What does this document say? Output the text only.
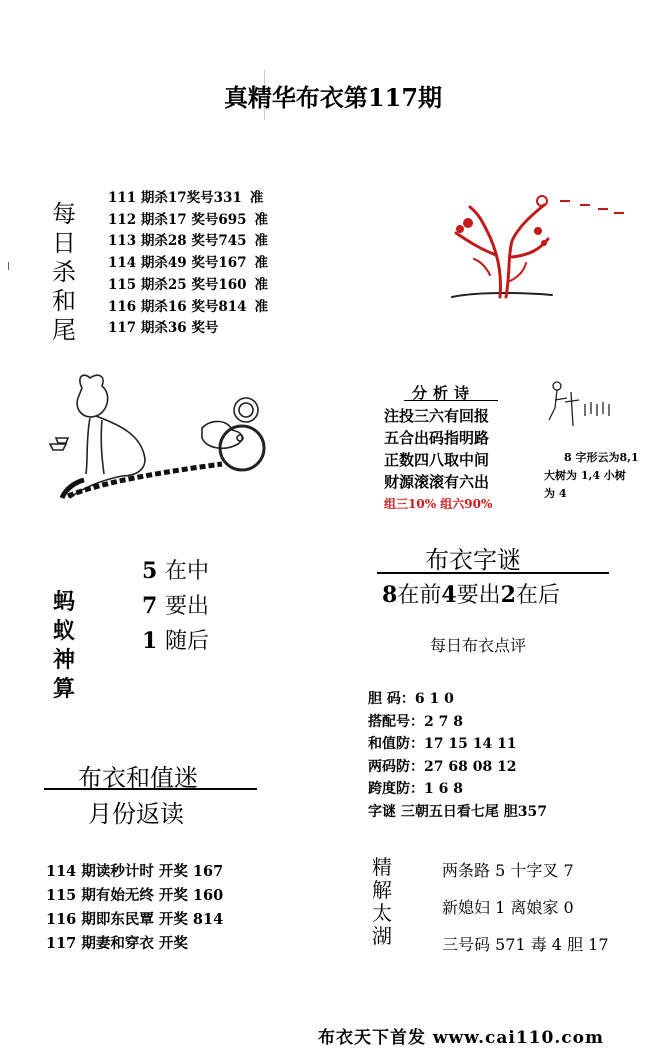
真精华布衣第117期
每
日
杀
和
尾
111 期杀17奖号331 准
112 期杀17 奖号695 准
113 期杀28 奖号745 准
114 期杀49 奖号167 准
115 期杀25 奖号160 准
116 期杀16 奖号814 准
117 期杀36 奖号
分析诗
注投三六有回报
五合出码指明路
正数四八取中间
财源滚滚有六出
组三10% 组六90%
8 字形云为8,1
大树为 1,4 小树
为 4
蚂
蚁
神
算
5 在中
7 要出
1 随后
布衣字谜
8在前4要出2在后
每日布衣点评
胆 码：6 1 0
搭配号：2 7 8
和值防：17 15 14 11
两码防：27 68 08 12
跨度防：1 6 8
字谜 三朝五日看七尾 胆357
布衣和值迷
月份返读
114 期读秒计时 开奖 167
115 期有始无终 开奖 160
116 期即东民覃 开奖 814
117 期妻和穿衣 开奖
精
解
太
湖
两条路 5 十字叉 7
新媳妇 1 离娘家 0
三号码 571 毒 4 胆 17
布衣天下首发 www.cai110.com
